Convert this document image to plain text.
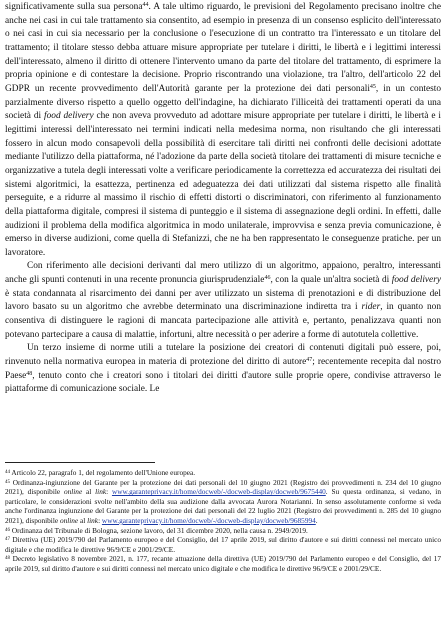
significativamente sulla sua persona$^{44}$. A tale ultimo riguardo, le previsioni del Regolamento precisano inoltre che anche nei casi in cui tale trattamento sia consentito, ad esempio in presenza di un consenso esplicito dell'interessato o nei casi in cui sia necessario per la conclusione o l'esecuzione di un contratto tra l'interessato e un titolare del trattamento; il titolare stesso debba attuare misure appropriate per tutelare i diritti, le libertà e i legittimi interessi dell'interessato, almeno il diritto di ottenere l'intervento umano da parte del titolare del trattamento, di esprimere la propria opinione e di contestare la decisione. Proprio riscontrando una violazione, tra l'altro, dell'articolo 22 del GDPR un recente provvedimento dell'Autorità garante per la protezione dei dati personali$^{45}$, in un contesto parzialmente diverso rispetto a quello oggetto dell'indagine, ha dichiarato l'illiceità dei trattamenti operati da una società di food delivery che non aveva provveduto ad adottare misure appropriate per tutelare i diritti, le libertà e i legittimi interessi dell'interessato nei termini indicati nella medesima norma, non risultando che gli interessati fossero in alcun modo consapevoli della possibilità di esercitare tali diritti nei confronti delle decisioni adottate mediante l'utilizzo della piattaforma, né l'adozione da parte della società titolare dei trattamenti di misure tecniche e organizzative a tutela degli interessati volte a verificare periodicamente la correttezza ed accuratezza dei risultati dei sistemi algoritmici, la esattezza, pertinenza ed adeguatezza dei dati utilizzati dal sistema rispetto alle finalità perseguite, e a ridurre al massimo il rischio di effetti distorti o discriminatori, con riferimento al funzionamento della piattaforma digitale, compresi il sistema di punteggio e il sistema di assegnazione degli ordini. In effetti, dalle audizioni il problema della modifica algoritmica in modo unilaterale, improvvisa e senza previa comunicazione, è emerso in diverse audizioni, come quella di Stefanizzi, che ne ha ben rappresentato le conseguenze pratiche. per un lavoratore.

Con riferimento alle decisioni derivanti dal mero utilizzo di un algoritmo, appaiono, peraltro, interessanti anche gli spunti contenuti in una recente pronuncia giurisprudenziale$^{46}$, con la quale un'altra società di food delivery è stata condannata al risarcimento dei danni per aver utilizzato un sistema di prenotazioni e di distribuzione del lavoro basato su un algoritmo che avrebbe determinato una discriminazione indiretta tra i rider, in quanto non consentiva di distinguere le ragioni di mancata partecipazione alle attività e, pertanto, penalizzava quanti non potevano partecipare a causa di malattie, infortuni, altre necessità o per aderire a forme di autotutela collettive.

Un terzo insieme di norme utili a tutelare la posizione dei creatori di contenuti digitali può essere, poi, rinvenuto nella normativa europea in materia di protezione del diritto di autore$^{47}$; recentemente recepita dal nostro Paese$^{48}$, tenuto conto che i creatori sono i titolari dei diritti d'autore sulle proprie opere, condivise attraverso le piattaforme di comunicazione sociale. Le

$^{44}$ Articolo 22, paragrafo 1, del regolamento dell'Unione europea.

$^{45}$ Ordinanza-ingiunzione del Garante per la protezione dei dati personali del 10 giugno 2021 (Registro dei provvedimenti n. 234 del 10 giugno 2021), disponibile online al link: www.garanteprivacy.it/home/docweb/-/docweb-display/docweb/9675440. Su questa ordinanza, si vedano, in particolare, le considerazioni svolte nell'ambito della sua audizione dalla avvocata Aurora Notarianni. In senso assolutamente conforme si veda anche l'ordinanza ingiunzione del Garante per la protezione dei dati personali del 22 luglio 2021 (Registro dei provvedimenti n. 285 del 10 giugno 2021), disponibile online al link: www.garanteprivacy.it/home/docweb/-/docweb-display/docweb/9685994.

$^{46}$ Ordinanza del Tribunale di Bologna, sezione lavoro, del 31 dicembre 2020, nella causa n. 2949/2019.

$^{47}$ Direttiva (UE) 2019/790 del Parlamento europeo e del Consiglio, del 17 aprile 2019, sul diritto d'autore e sui diritti connessi nel mercato unico digitale e che modifica le direttive 96/9/CE e 2001/29/CE.

$^{48}$ Decreto legislativo 8 novembre 2021, n. 177, recante attuazione della direttiva (UE) 2019/790 del Parlamento europeo e del Consiglio, del 17 aprile 2019, sul diritto d'autore e sui diritti connessi nel mercato unico digitale e che modifica le direttive 96/9/CE e 2001/29/CE.
